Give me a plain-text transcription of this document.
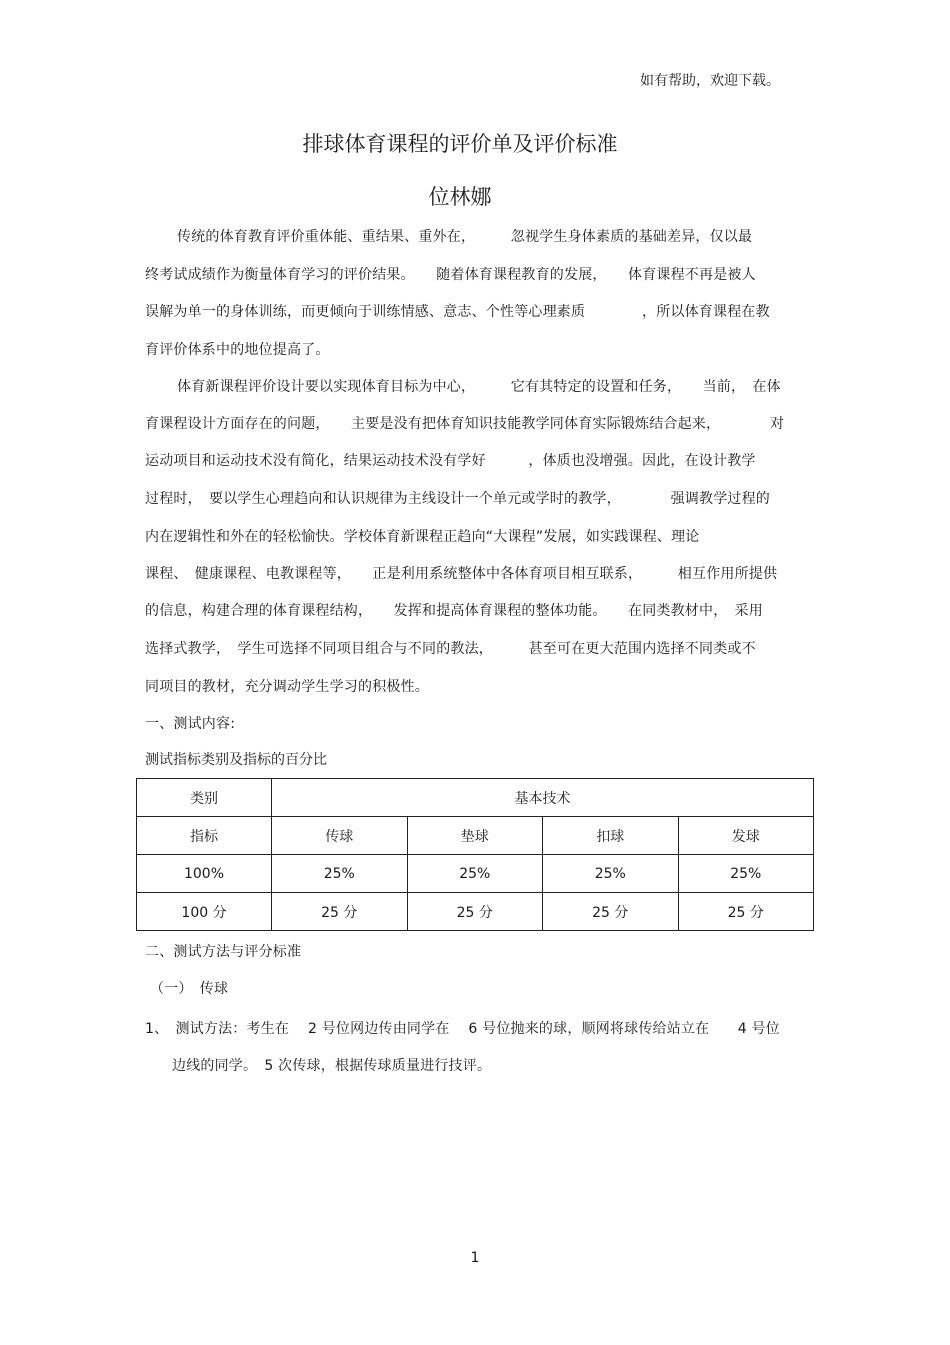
如有帮助，欢迎下载。
排球体育课程的评价单及评价标准
位林娜
传统的体育教育评价重体能、重结果、重外在，　　　忽视学生身体素质的基础差异，仅以最
终考试成绩作为衡量体育学习的评价结果。　　随着体育课程教育的发展，　　体育课程不再是被人
误解为单一的身体训练，而更倾向于训练情感、意志、个性等心理素质　　　　，所以体育课程在教
育评价体系中的地位提高了。
体育新课程评价设计要以实现体育目标为中心，　　　它有其特定的设置和任务，　　当前，　在体
育课程设计方面存在的问题，　　主要是没有把体育知识技能教学同体育实际锻炼结合起来，　　　　对
运动项目和运动技术没有简化，结果运动技术没有学好　　　，体质也没增强。因此，在设计教学
过程时，　要以学生心理趋向和认识规律为主线设计一个单元或学时的教学，　　　　强调教学过程的
内在逻辑性和外在的轻松愉快。学校体育新课程正趋向“大课程”发展，如实践课程、理论
课程、　健康课程、电教课程等，　　正是利用系统整体中各体育项目相互联系，　　　相互作用所提供
的信息，构建合理的体育课程结构，　　发挥和提高体育课程的整体功能。　　在同类教材中，　采用
选择式教学，　学生可选择不同项目组合与不同的教法，　　　甚至可在更大范围内选择不同类或不
同项目的教材，充分调动学生学习的积极性。
一、测试内容:
测试指标类别及指标的百分比
类别	基本技术			
指标	传球	垫球	扣球	发球
100%	25%	25%	25%	25%
100 分	25 分	25 分	25 分	25 分
二、测试方法与评分标准
（一）　传球
1、　测试方法：考生在　 2 号位网边传由同学在　 6 号位抛来的球，顺网将球传给站立在　　4 号位
边线的同学。　5 次传球，根据传球质量进行技评。
1
